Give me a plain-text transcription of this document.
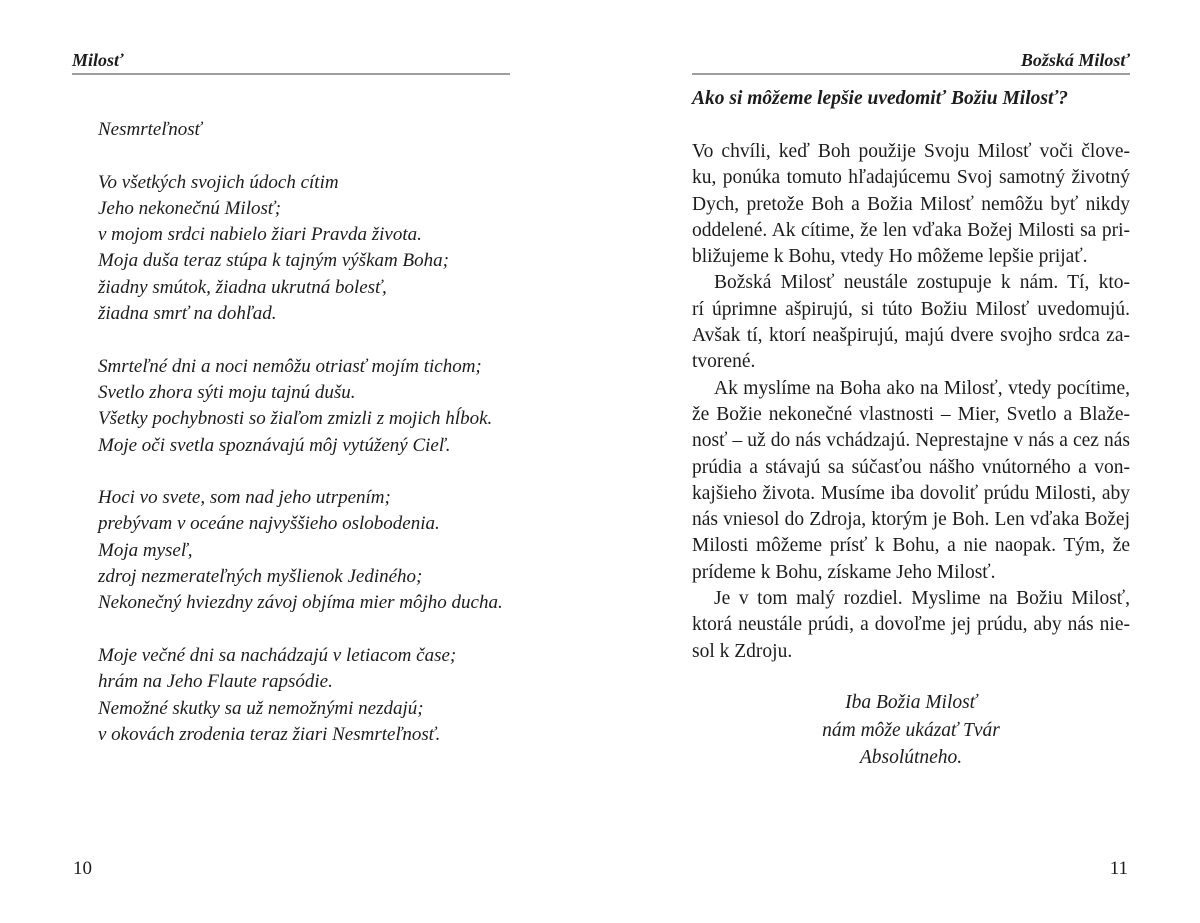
Milosť
Nesmrteľnosť
Vo všetkých svojich údoch cítim
Jeho nekonečnú Milosť;
v mojom srdci nabielo žiari Pravda života.
Moja duša teraz stúpa k tajným výškam Boha;
žiadny smútok, žiadna ukrutná bolesť,
žiadna smrť na dohľad.
Smrteľné dni a noci nemôžu otriasť mojím tichom;
Svetlo zhora sýti moju tajnú dušu.
Všetky pochybnosti so žiaľom zmizli z mojich hĺbok.
Moje oči svetla spoznávajú môj vytúžený Cieľ.
Hoci vo svete, som nad jeho utrpením;
prebývam v oceáne najvyššieho oslobodenia.
Moja myseľ,
zdroj nezmerateľných myšlienok Jediného;
Nekonečný hviezdny závoj objíma mier môjho ducha.
Moje večné dni sa nachádzajú v letiacom čase;
hrám na Jeho Flaute rapsódie.
Nemožné skutky sa už nemožnými nezdajú;
v okovách zrodenia teraz žiari Nesmrteľnosť.
10
Božská Milosť
Ako si môžeme lepšie uvedomiť Božiu Milosť?
Vo chvíli, keď Boh použije Svoju Milosť voči člove-
ku, ponúka tomuto hľadajúcemu Svoj samotný životný
Dych, pretože Boh a Božia Milosť nemôžu byť nikdy
oddelené. Ak cítime, že len vďaka Božej Milosti sa pri-
bližujeme k Bohu, vtedy Ho môžeme lepšie prijať.
Božská Milosť neustále zostupuje k nám. Tí, kto-
rí úprimne ašpirujú, si túto Božiu Milosť uvedomujú.
Avšak tí, ktorí neašpirujú, majú dvere svojho srdca za-
tvorené.
Ak myslíme na Boha ako na Milosť, vtedy pocítime,
že Božie nekonečné vlastnosti – Mier, Svetlo a Blaže-
nosť – už do nás vchádzajú. Neprestajne v nás a cez nás
prúdia a stávajú sa súčasťou nášho vnútorného a von-
kajšieho života. Musíme iba dovoliť prúdu Milosti, aby
nás vniesol do Zdroja, ktorým je Boh. Len vďaka Božej
Milosti môžeme prísť k Bohu, a nie naopak. Tým, že
prídeme k Bohu, získame Jeho Milosť.
Je v tom malý rozdiel. Myslime na Božiu Milosť,
ktorá neustále prúdi, a dovoľme jej prúdu, aby nás nie-
sol k Zdroju.
Iba Božia Milosť
nám môže ukázať Tvár
Absolútneho.
11
